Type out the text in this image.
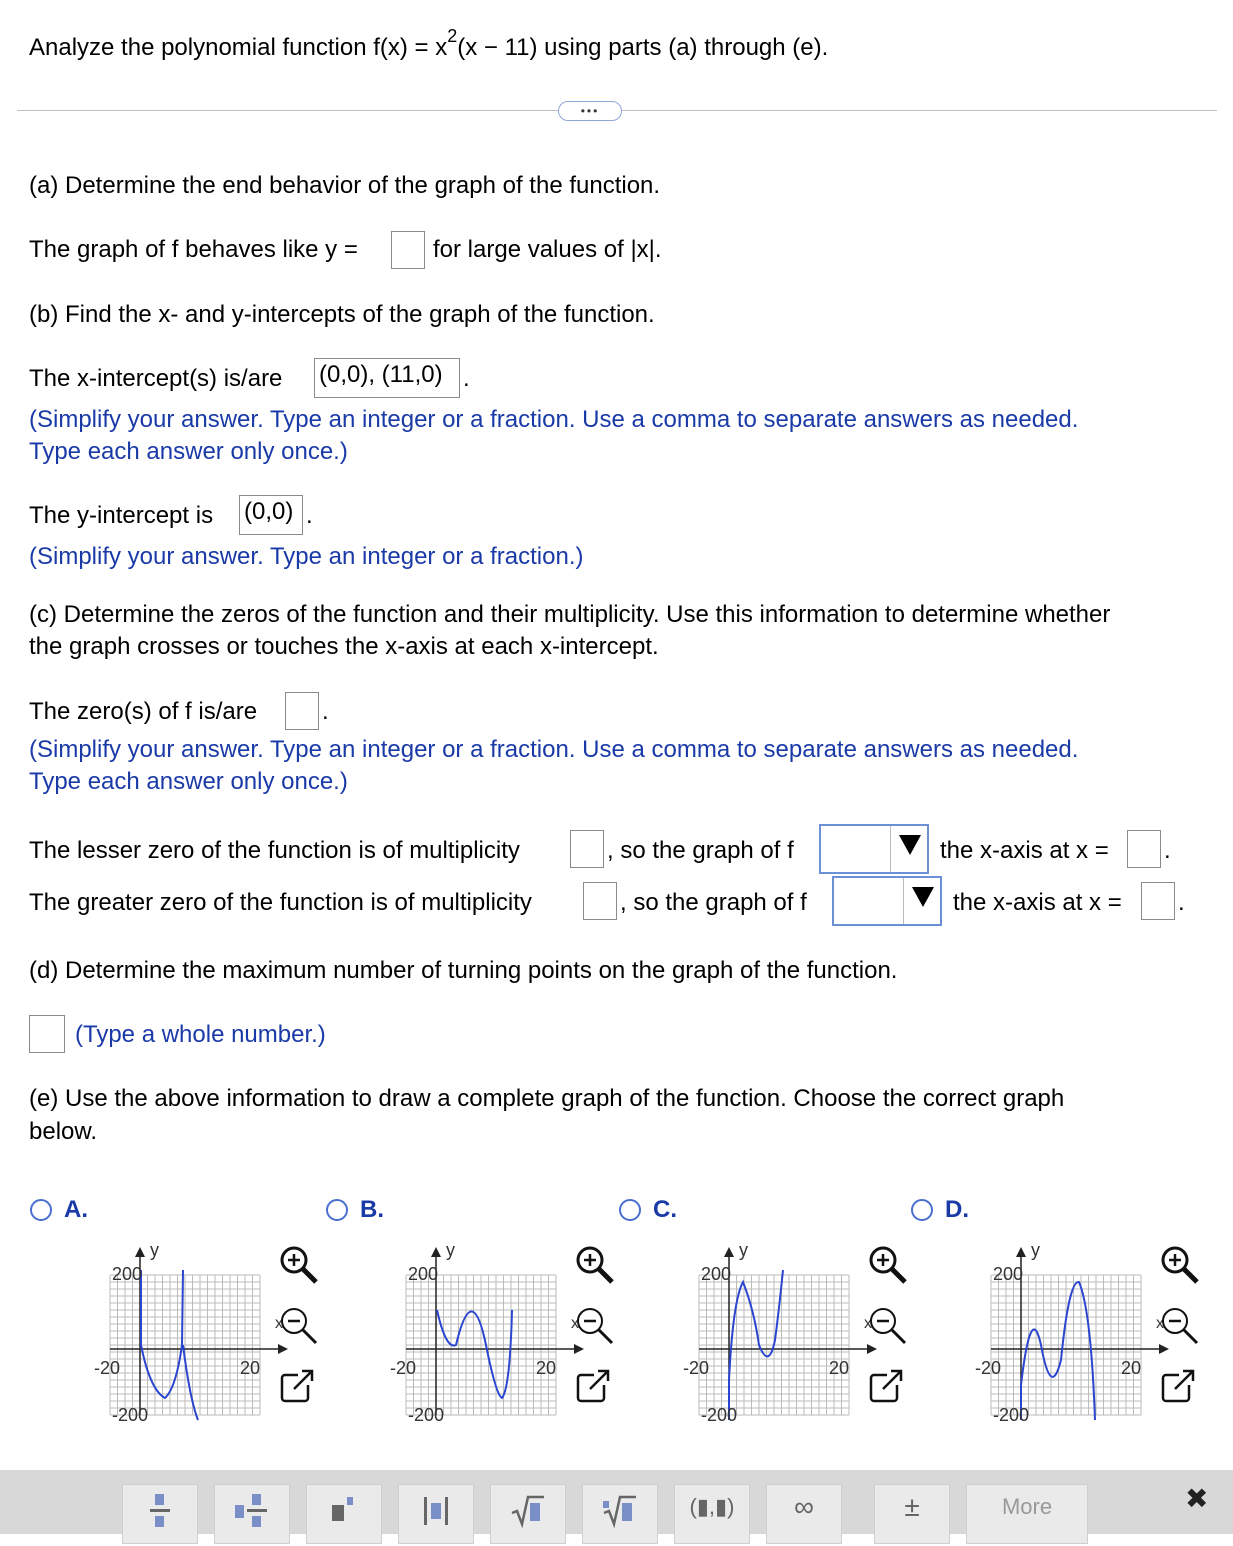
Analyze the polynomial function $f(x) = x^2(x - 11)$ using parts (a) through (e).
•••
(a) Determine the end behavior of the graph of the function.
The graph of f behaves like y =	for large values of |x|.
(b) Find the x- and y-intercepts of the graph of the function.
The x-intercept(s) is/are (0,0), (11,0) .
(Simplify your answer. Type an integer or a fraction. Use a comma to separate answers as needed.
Type each answer only once.)
The y-intercept is (0,0) .
(Simplify your answer. Type an integer or a fraction.)
(c) Determine the zeros of the function and their multiplicity. Use this information to determine whether
the graph crosses or touches the x-axis at each x-intercept.
The zero(s) of f is/are	.
(Simplify your answer. Type an integer or a fraction. Use a comma to separate answers as needed.
Type each answer only once.)
The lesser zero of the function is of multiplicity	, so the graph of f	the x-axis at x = .
The greater zero of the function is of multiplicity	, so the graph of f	the x-axis at x = .
(d) Determine the maximum number of turning points on the graph of the function.
(Type a whole number.)
(e) Use the above information to draw a complete graph of the function. Choose the correct graph
below.
A.
y
x
200
-200
-20	20
B.
y
x
200
-200
-20	20
C.
y
x
200
-200
-20	20
D.
y
x
200
-200
-20	20
(▮,▮)	∞	±	More	✖
